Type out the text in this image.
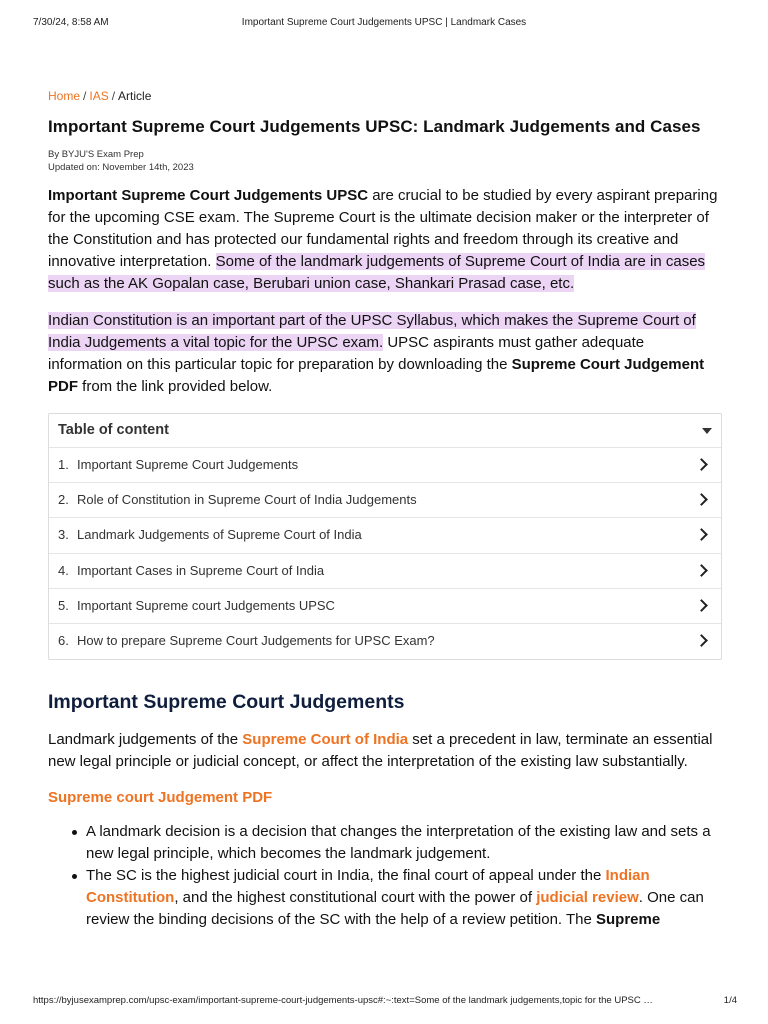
7/30/24, 8:58 AM	Important Supreme Court Judgements UPSC | Landmark Cases
Home / IAS / Article
Important Supreme Court Judgements UPSC: Landmark Judgements and Cases
By BYJU'S Exam Prep
Updated on: November 14th, 2023

Important Supreme Court Judgements UPSC are crucial to be studied by every aspirant preparing for the upcoming CSE exam. The Supreme Court is the ultimate decision maker or the interpreter of the Constitution and has protected our fundamental rights and freedom through its creative and innovative interpretation. Some of the landmark judgements of Supreme Court of India are in cases such as the AK Gopalan case, Berubari union case, Shankari Prasad case, etc.

Indian Constitution is an important part of the UPSC Syllabus, which makes the Supreme Court of India Judgements a vital topic for the UPSC exam. UPSC aspirants must gather adequate information on this particular topic for preparation by downloading the Supreme Court Judgement PDF from the link provided below.

Table of content
1. Important Supreme Court Judgements
2. Role of Constitution in Supreme Court of India Judgements
3. Landmark Judgements of Supreme Court of India
4. Important Cases in Supreme Court of India
5. Important Supreme court Judgements UPSC
6. How to prepare Supreme Court Judgements for UPSC Exam?
Important Supreme Court Judgements

Landmark judgements of the Supreme Court of India set a precedent in law, terminate an essential new legal principle or judicial concept, or affect the interpretation of the existing law substantially.

Supreme court Judgement PDF
A landmark decision is a decision that changes the interpretation of the existing law and sets a new legal principle, which becomes the landmark judgement.
The SC is the highest judicial court in India, the final court of appeal under the Indian Constitution, and the highest constitutional court with the power of judicial review. One can review the binding decisions of the SC with the help of a review petition. The Supreme
https://byjusexamprep.com/upsc-exam/important-supreme-court-judgements-upsc#:~:text=Some of the landmark judgements,topic for the UPSC …	1/4
